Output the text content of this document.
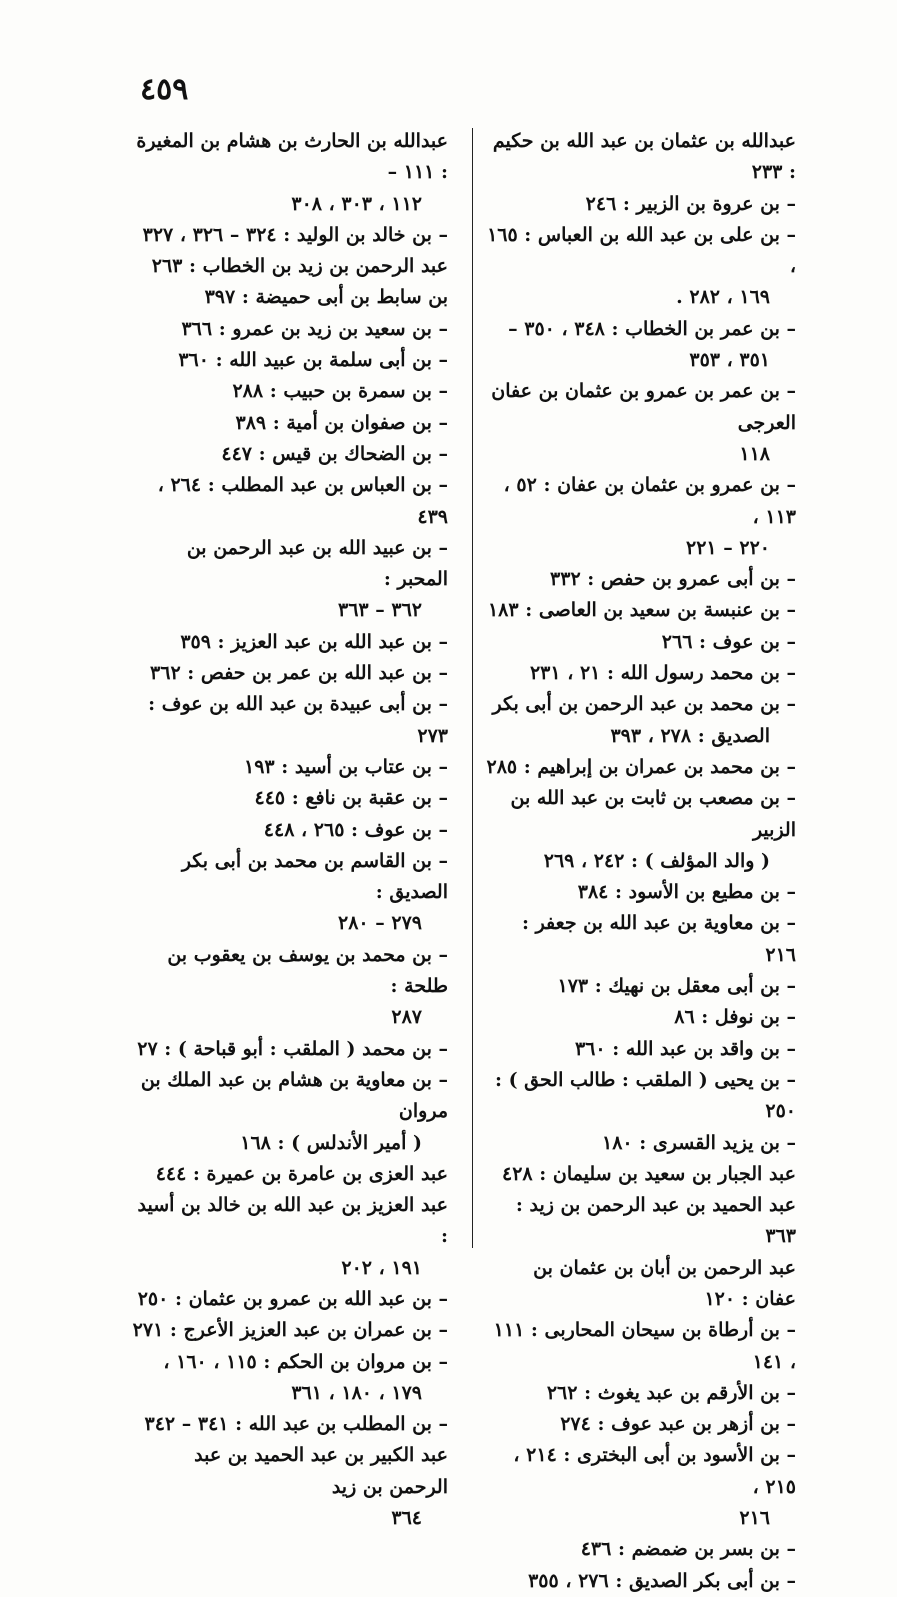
٤٥٩
عبدالله بن عثمان بن عبد الله بن حكيم : ٢٣٣
– بن عروة بن الزبير : ٢٤٦
– بن على بن عبد الله بن العباس : ١٦٥ ،
١٦٩ ، ٢٨٢ .
– بن عمر بن الخطاب : ٣٤٨ ، ٣٥٠ –
٣٥١ ، ٣٥٣
– بن عمر بن عمرو بن عثمان بن عفان العرجى
١١٨
– بن عمرو بن عثمان بن عفان : ٥٢ ، ١١٣ ،
٢٢٠ – ٢٢١
– بن أبى عمرو بن حفص : ٣٣٢
– بن عنبسة بن سعيد بن العاصى : ١٨٣
– بن عوف : ٢٦٦
– بن محمد رسول الله : ٢١ ، ٢٣١
– بن محمد بن عبد الرحمن بن أبى بكر
الصديق : ٢٧٨ ، ٣٩٣
– بن محمد بن عمران بن إبراهيم : ٢٨٥
– بن مصعب بن ثابت بن عبد الله بن الزبير
( والد المؤلف ) : ٢٤٢ ، ٢٦٩
– بن مطيع بن الأسود : ٣٨٤
– بن معاوية بن عبد الله بن جعفر : ٢١٦
– بن أبى معقل بن نهيك : ١٧٣
– بن نوفل : ٨٦
– بن واقد بن عبد الله : ٣٦٠
– بن يحيى ( الملقب : طالب الحق ) : ٢٥٠
– بن يزيد القسرى : ١٨٠
عبد الجبار بن سعيد بن سليمان : ٤٢٨
عبد الحميد بن عبد الرحمن بن زيد : ٣٦٣
عبد الرحمن بن أبان بن عثمان بن عفان : ١٢٠
– بن أرطاة بن سيحان المحاربى : ١١١ ، ١٤١
– بن الأرقم بن عبد يغوث : ٢٦٢
– بن أزهر بن عبد عوف : ٢٧٤
– بن الأسود بن أبى البخترى : ٢١٤ ، ٢١٥ ،
٢١٦
– بن بسر بن ضمضم : ٤٣٦
– بن أبى بكر الصديق : ٢٧٦ ، ٣٥٥
عبدالله بن الحارث بن هشام بن المغيرة : ١١١ –
١١٢ ، ٣٠٣ ، ٣٠٨
– بن خالد بن الوليد : ٣٢٤ – ٣٢٦ ، ٣٢٧
عبد الرحمن بن زيد بن الخطاب : ٢٦٣
بن سابط بن أبى حميضة : ٣٩٧
– بن سعيد بن زيد بن عمرو : ٣٦٦
– بن أبى سلمة بن عبيد الله : ٣٦٠
– بن سمرة بن حبيب : ٢٨٨
– بن صفوان بن أمية : ٣٨٩
– بن الضحاك بن قيس : ٤٤٧
– بن العباس بن عبد المطلب : ٢٦٤ ، ٤٣٩
– بن عبيد الله بن عبد الرحمن بن المحبر :
٣٦٢ – ٣٦٣
– بن عبد الله بن عبد العزيز : ٣٥٩
– بن عبد الله بن عمر بن حفص : ٣٦٢
– بن أبى عبيدة بن عبد الله بن عوف : ٢٧٣
– بن عتاب بن أسيد : ١٩٣
– بن عقبة بن نافع : ٤٤٥
– بن عوف : ٢٦٥ ، ٤٤٨
– بن القاسم بن محمد بن أبى بكر الصديق :
٢٧٩ – ٢٨٠
– بن محمد بن يوسف بن يعقوب بن طلحة :
٢٨٧
– بن محمد ( الملقب : أبو قباحة ) : ٢٧
– بن معاوية بن هشام بن عبد الملك بن مروان
( أمير الأندلس ) : ١٦٨
عبد العزى بن عامرة بن عميرة : ٤٤٤
عبد العزيز بن عبد الله بن خالد بن أسيد :
١٩١ ، ٢٠٢
– بن عبد الله بن عمرو بن عثمان : ٢٥٠
– بن عمران بن عبد العزيز الأعرج : ٢٧١
– بن مروان بن الحكم : ١١٥ ، ١٦٠ ،
١٧٩ ، ١٨٠ ، ٣٦١
– بن المطلب بن عبد الله : ٣٤١ – ٣٤٢
عبد الكبير بن عبد الحميد بن عبد الرحمن بن زيد
٣٦٤
